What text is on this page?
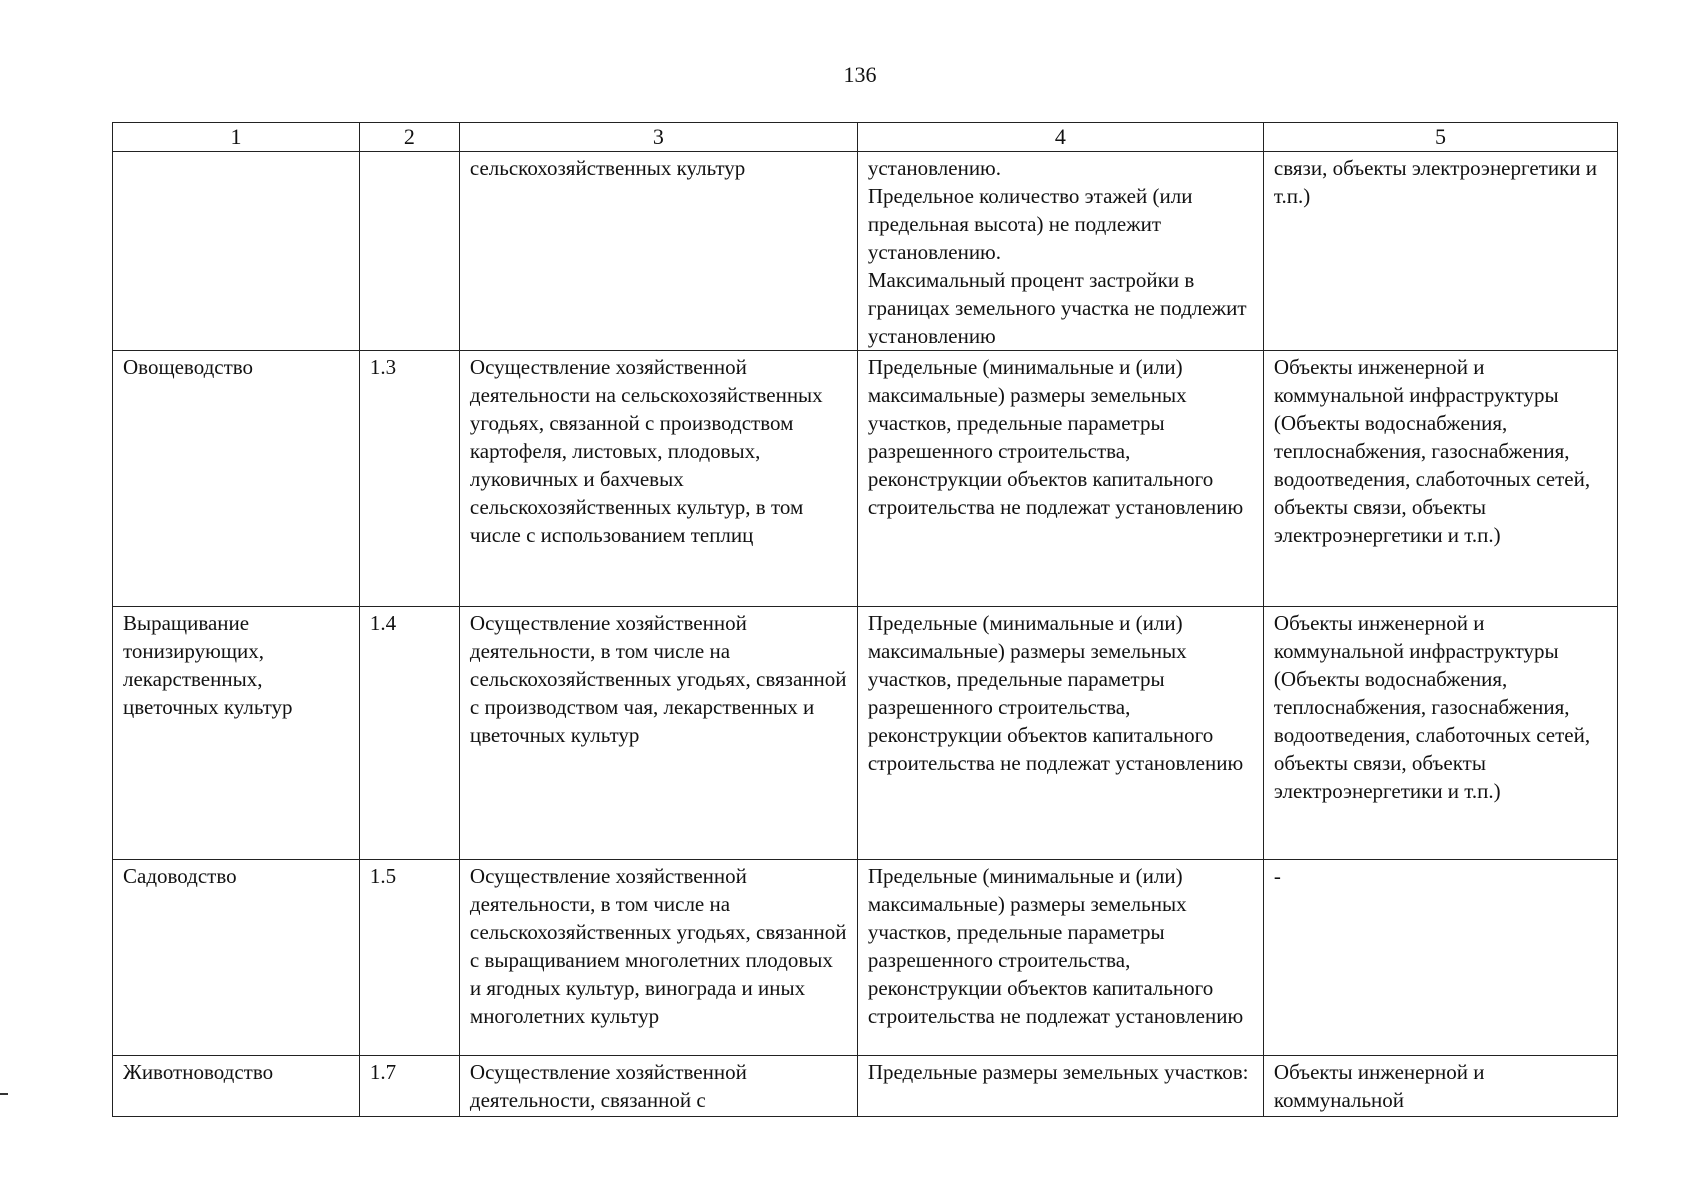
136
1	2	3	4	5
		сельскохозяйственных культур	установлению.
Предельное количество этажей (или предельная высота) не подлежит установлению.
Максимальный процент застройки в границах земельного участка не подлежит установлению	связи, объекты электроэнергетики и т.п.)
Овощеводство	1.3	Осуществление хозяйственной деятельности на сельскохозяйственных угодьях, связанной с производством картофеля, листовых, плодовых, луковичных и бахчевых сельскохозяйственных культур, в том числе с использованием теплиц	Предельные (минимальные и (или) максимальные) размеры земельных участков, предельные параметры разрешенного строительства, реконструкции объектов капитального строительства не подлежат установлению	Объекты инженерной и коммунальной инфраструктуры (Объекты водоснабжения, теплоснабжения, газоснабжения, водоотведения, слаботочных сетей, объекты связи, объекты электроэнергетики и т.п.)
Выращивание тонизирующих, лекарственных, цветочных культур	1.4	Осуществление хозяйственной деятельности, в том числе на сельскохозяйственных угодьях, связанной с производством чая, лекарственных и цветочных культур	Предельные (минимальные и (или) максимальные) размеры земельных участков, предельные параметры разрешенного строительства, реконструкции объектов капитального строительства не подлежат установлению	Объекты инженерной и коммунальной инфраструктуры (Объекты водоснабжения, теплоснабжения, газоснабжения, водоотведения, слаботочных сетей, объекты связи, объекты электроэнергетики и т.п.)
Садоводство	1.5	Осуществление хозяйственной деятельности, в том числе на сельскохозяйственных угодьях, связанной с выращиванием многолетних плодовых и ягодных культур, винограда и иных многолетних культур	Предельные (минимальные и (или) максимальные) размеры земельных участков, предельные параметры разрешенного строительства, реконструкции объектов капитального строительства не подлежат установлению	-
Животноводство	1.7	Осуществление хозяйственной деятельности, связанной с	Предельные размеры земельных участков:	Объекты инженерной и коммунальной
